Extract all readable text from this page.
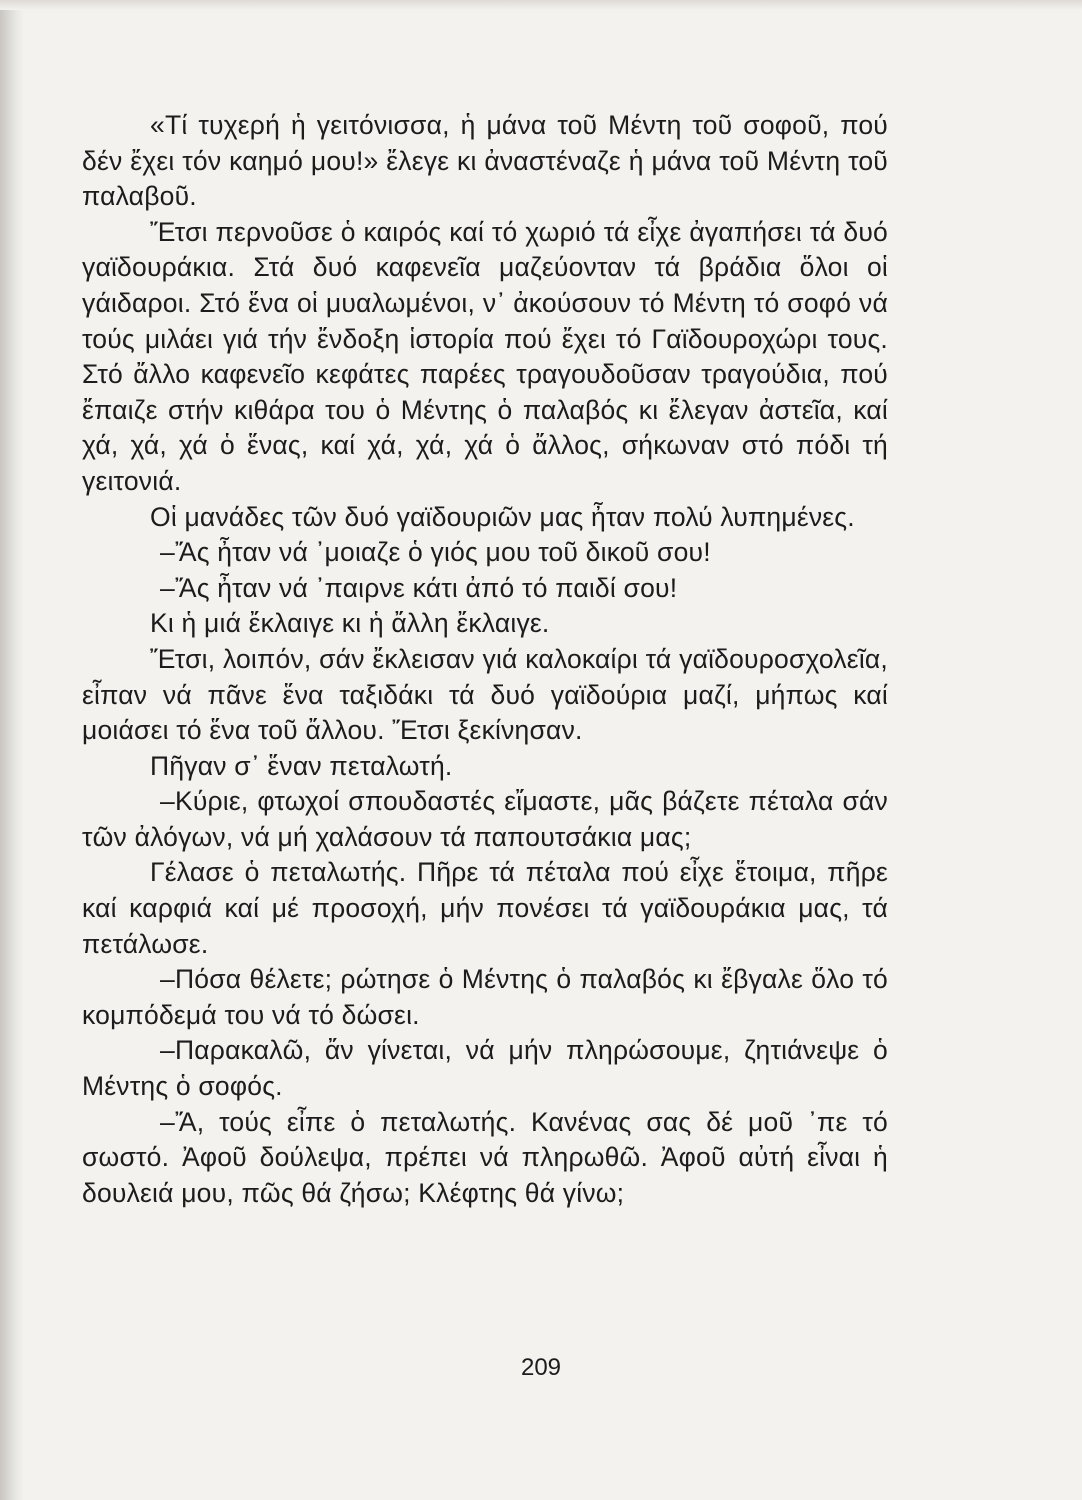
«Τί τυχερή ἡ γειτόνισσα, ἡ μάνα τοῦ Μέντη τοῦ σοφοῦ, πού δέν ἔχει τόν καημό μου!» ἔλεγε κι ἀναστέναζε ἡ μάνα τοῦ Μέντη τοῦ παλαβοῦ.

Ἔτσι περνοῦσε ὁ καιρός καί τό χωριό τά εἶχε ἀγαπήσει τά δυό γαϊδουράκια. Στά δυό καφενεῖα μαζεύονταν τά βράδια ὅλοι οἱ γάιδαροι. Στό ἕνα οἱ μυαλωμένοι, ν᾽ ἀκούσουν τό Μέντη τό σοφό νά τούς μιλάει γιά τήν ἔνδοξη ἱστορία πού ἔχει τό Γαϊδουροχώρι τους. Στό ἄλλο καφενεῖο κεφάτες παρέες τραγουδοῦσαν τραγούδια, πού ἔπαιζε στήν κιθάρα του ὁ Μέντης ὁ παλαβός κι ἔλεγαν ἀστεῖα, καί χά, χά, χά ὁ ἕνας, καί χά, χά, χά ὁ ἄλλος, σήκωναν στό πόδι τή γειτονιά.

Οἱ μανάδες τῶν δυό γαϊδουριῶν μας ἦταν πολύ λυπημένες.

–Ἄς ἦταν νά ᾽μοιαζε ὁ γιός μου τοῦ δικοῦ σου!

–Ἄς ἦταν νά ᾽παιρνε κάτι ἀπό τό παιδί σου!

Κι ἡ μιά ἔκλαιγε κι ἡ ἄλλη ἔκλαιγε.

Ἔτσι, λοιπόν, σάν ἔκλεισαν γιά καλοκαίρι τά γαϊδουροσχολεῖα, εἶπαν νά πᾶνε ἕνα ταξιδάκι τά δυό γαϊδούρια μαζί, μήπως καί μοιάσει τό ἕνα τοῦ ἄλλου. Ἔτσι ξεκίνησαν.

Πῆγαν σ᾽ ἕναν πεταλωτή.

–Κύριε, φτωχοί σπουδαστές εἴμαστε, μᾶς βάζετε πέταλα σάν τῶν ἀλόγων, νά μή χαλάσουν τά παπουτσάκια μας;

Γέλασε ὁ πεταλωτής. Πῆρε τά πέταλα πού εἶχε ἕτοιμα, πῆρε καί καρφιά καί μέ προσοχή, μήν πονέσει τά γαϊδουράκια μας, τά πετάλωσε.

–Πόσα θέλετε; ρώτησε ὁ Μέντης ὁ παλαβός κι ἔβγαλε ὅλο τό κομπόδεμά του νά τό δώσει.

–Παρακαλῶ, ἄν γίνεται, νά μήν πληρώσουμε, ζητιάνεψε ὁ Μέντης ὁ σοφός.

–Ἄ, τούς εἶπε ὁ πεταλωτής. Κανένας σας δέ μοῦ ᾽πε τό σωστό. Ἀφοῦ δούλεψα, πρέπει νά πληρωθῶ. Ἀφοῦ αὐτή εἶναι ἡ δουλειά μου, πῶς θά ζήσω; Κλέφτης θά γίνω;

209
